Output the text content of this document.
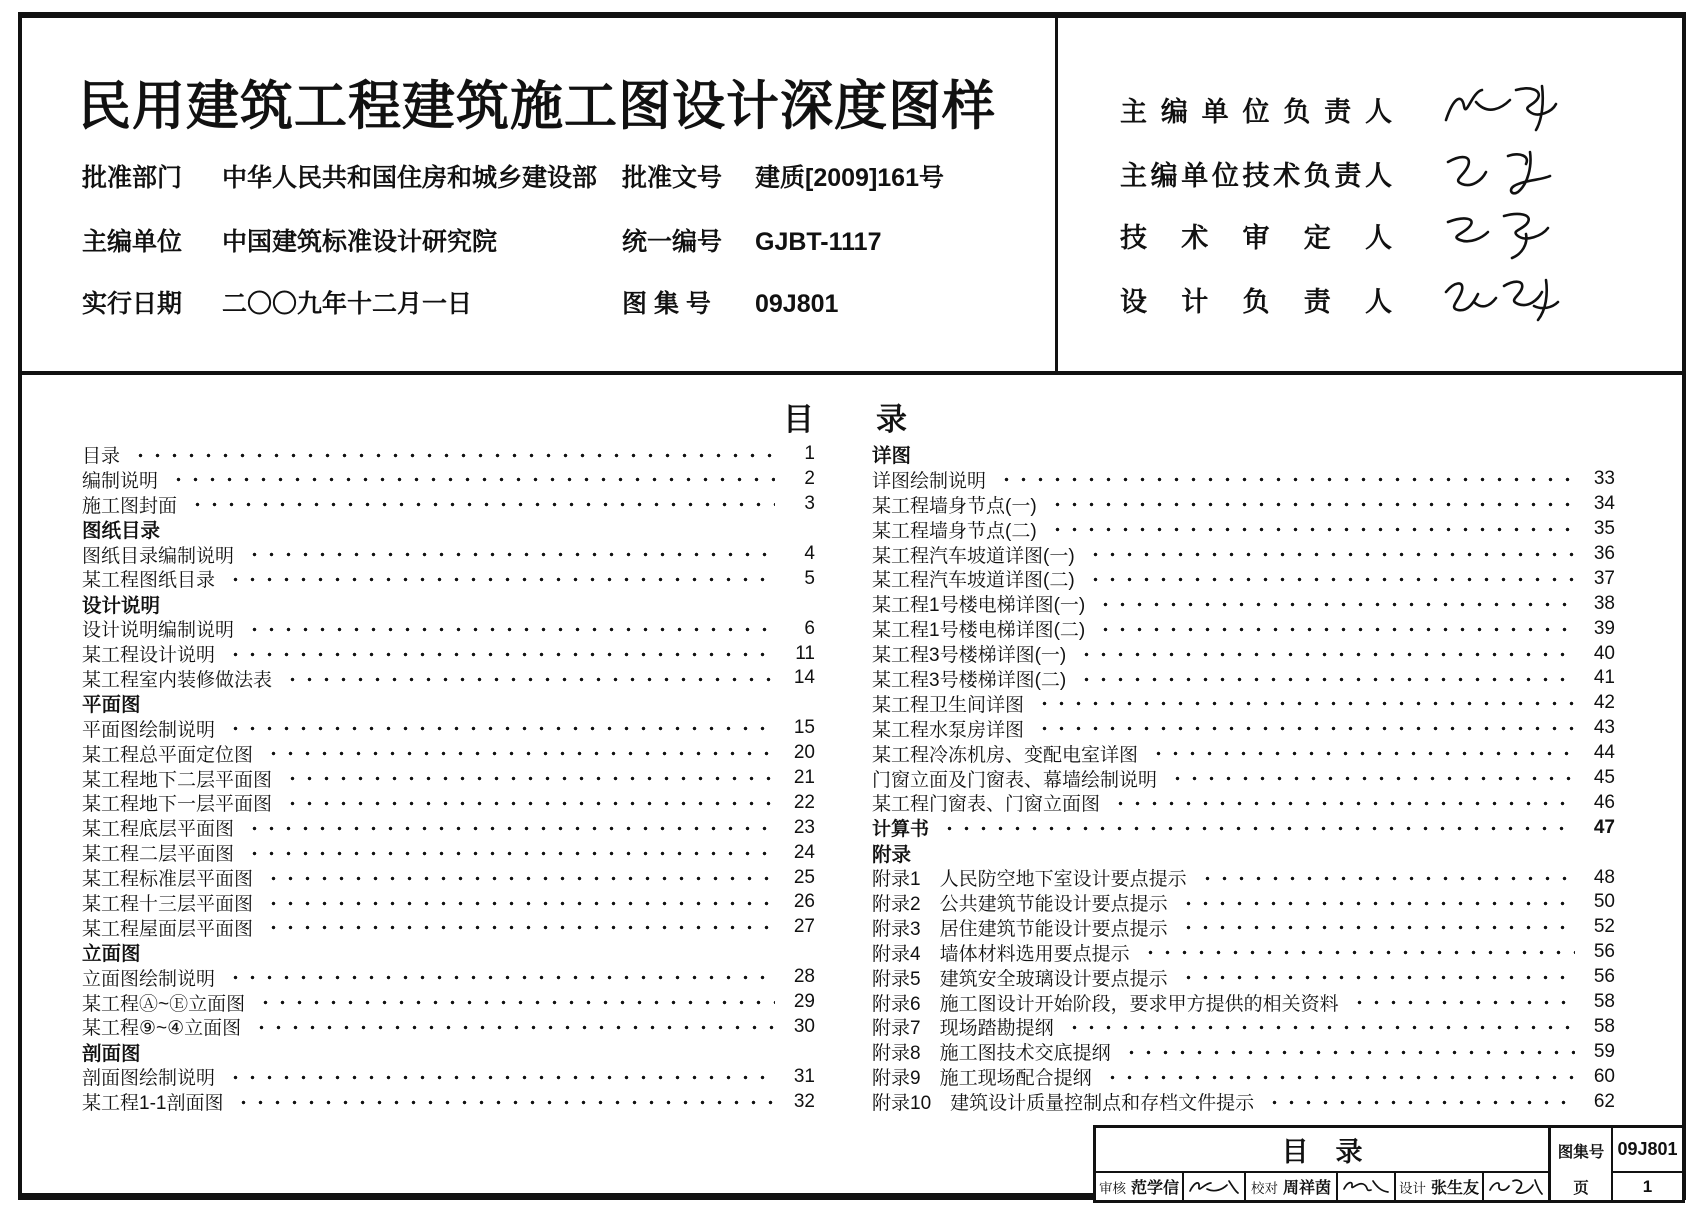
民用建筑工程建筑施工图设计深度图样
批准部门	中华人民共和国住房和城乡建设部 批准文号	建质[2009]161号
主编单位	中国建筑标准设计研究院	统一编号	GJBT-1117
实行日期	二〇〇九年十二月一日	图 集 号	09J801
主编单位负责人
主编单位技术负责人
技术审定人
设计负责人
目　　录
目录	1
编制说明	2
施工图封面	3
图纸目录
图纸目录编制说明	4
某工程图纸目录	5
设计说明
设计说明编制说明	6
某工程设计说明	11
某工程室内装修做法表	14
平面图
平面图绘制说明	15
某工程总平面定位图	20
某工程地下二层平面图	21
某工程地下一层平面图	22
某工程底层平面图	23
某工程二层平面图	24
某工程标准层平面图	25
某工程十三层平面图	26
某工程屋面层平面图	27
立面图
立面图绘制说明	28
某工程Ⓐ~Ⓔ立面图	29
某工程⑨~④立面图	30
剖面图
剖面图绘制说明	31
某工程1-1剖面图	32
详图
详图绘制说明	33
某工程墙身节点(一)	34
某工程墙身节点(二)	35
某工程汽车坡道详图(一)	36
某工程汽车坡道详图(二)	37
某工程1号楼电梯详图(一)	38
某工程1号楼电梯详图(二)	39
某工程3号楼梯详图(一)	40
某工程3号楼梯详图(二)	41
某工程卫生间详图	42
某工程水泵房详图	43
某工程冷冻机房、变配电室详图	44
门窗立面及门窗表、幕墙绘制说明	45
某工程门窗表、门窗立面图	46
计算书	47
附录
附录1　人民防空地下室设计要点提示	48
附录2　公共建筑节能设计要点提示	50
附录3　居住建筑节能设计要点提示	52
附录4　墙体材料选用要点提示	56
附录5　建筑安全玻璃设计要点提示	56
附录6　施工图设计开始阶段，要求甲方提供的相关资料	58
附录7　现场踏勘提纲	58
附录8　施工图技术交底提纲	59
附录9　施工现场配合提纲	60
附录10　建筑设计质量控制点和存档文件提示	62
目　录
审核 范学信	校对 周祥茵	设计 张生友
图集号 09J801
页	1
